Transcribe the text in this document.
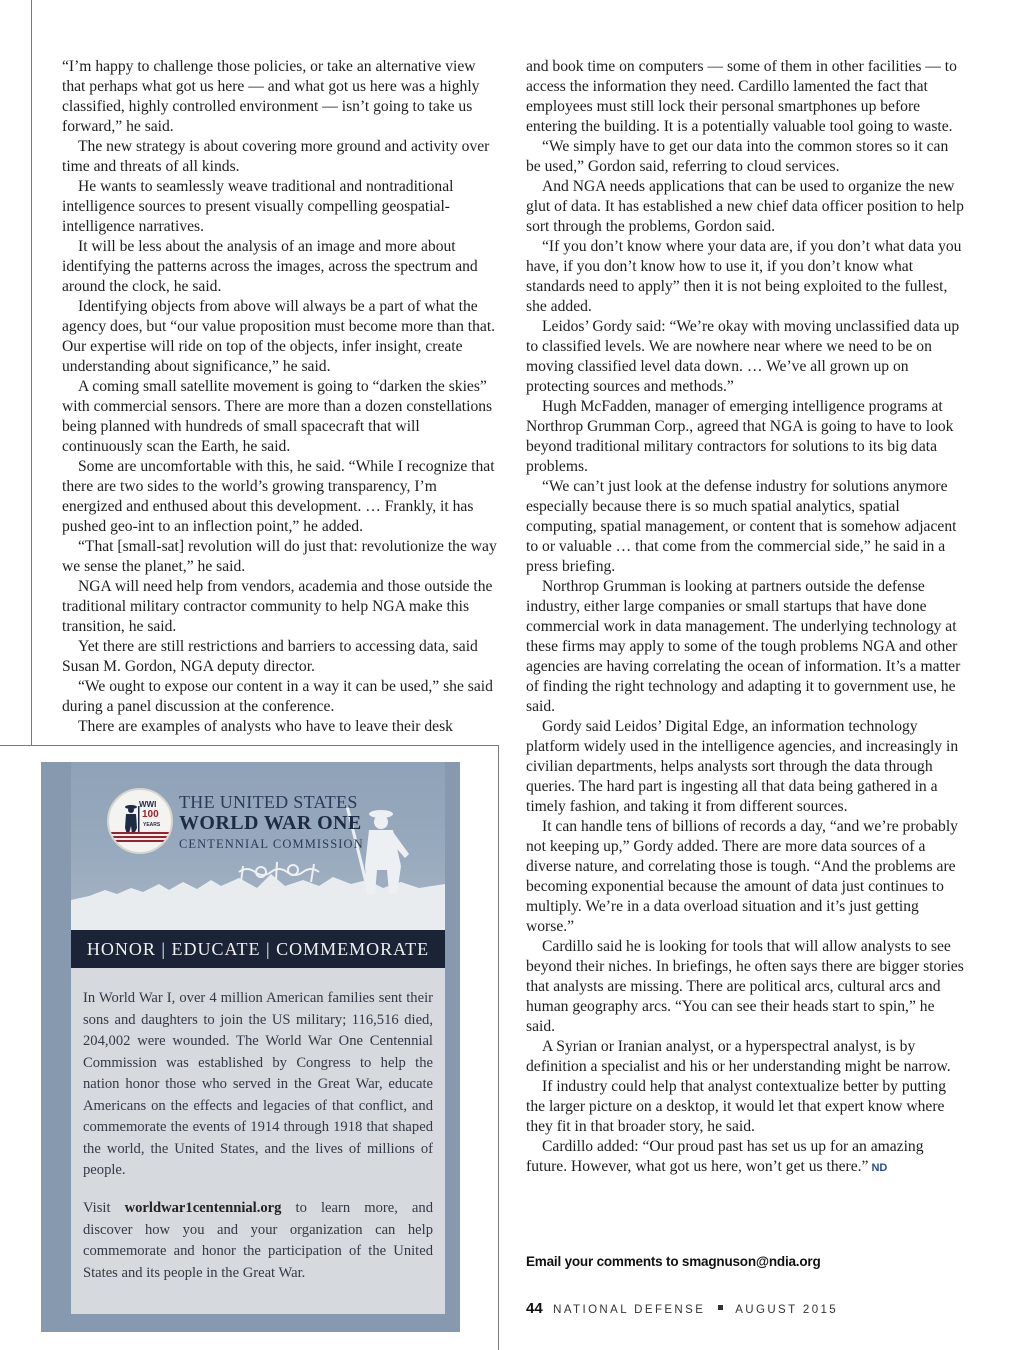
“I’m happy to challenge those policies, or take an alternative view that perhaps what got us here — and what got us here was a highly classified, highly controlled environment — isn’t going to take us forward,” he said.

The new strategy is about covering more ground and activity over time and threats of all kinds.

He wants to seamlessly weave traditional and nontraditional intelligence sources to present visually compelling geospatial-intelligence narratives.

It will be less about the analysis of an image and more about identifying the patterns across the images, across the spectrum and around the clock, he said.

Identifying objects from above will always be a part of what the agency does, but “our value proposition must become more than that. Our expertise will ride on top of the objects, infer insight, create understanding about significance,” he said.

A coming small satellite movement is going to “darken the skies” with commercial sensors. There are more than a dozen constellations being planned with hundreds of small spacecraft that will continuously scan the Earth, he said.

Some are uncomfortable with this, he said. “While I recognize that there are two sides to the world’s growing transparency, I’m energized and enthused about this development. … Frankly, it has pushed geo-int to an inflection point,” he added.

“That [small-sat] revolution will do just that: revolutionize the way we sense the planet,” he said.

NGA will need help from vendors, academia and those outside the traditional military contractor community to help NGA make this transition, he said.

Yet there are still restrictions and barriers to accessing data, said Susan M. Gordon, NGA deputy director.

“We ought to expose our content in a way it can be used,” she said during a panel discussion at the conference.

There are examples of analysts who have to leave their desk

and book time on computers — some of them in other facilities — to access the information they need. Cardillo lamented the fact that employees must still lock their personal smartphones up before entering the building. It is a potentially valuable tool going to waste.

“We simply have to get our data into the common stores so it can be used,” Gordon said, referring to cloud services.

And NGA needs applications that can be used to organize the new glut of data. It has established a new chief data officer position to help sort through the problems, Gordon said.

“If you don’t know where your data are, if you don’t what data you have, if you don’t know how to use it, if you don’t know what standards need to apply” then it is not being exploited to the fullest, she added.

Leidos’ Gordy said: “We’re okay with moving unclassified data up to classified levels. We are nowhere near where we need to be on moving classified level data down. … We’ve all grown up on protecting sources and methods.”

Hugh McFadden, manager of emerging intelligence programs at Northrop Grumman Corp., agreed that NGA is going to have to look beyond traditional military contractors for solutions to its big data problems.

“We can’t just look at the defense industry for solutions anymore especially because there is so much spatial analytics, spatial computing, spatial management, or content that is somehow adjacent to or valuable … that come from the commercial side,” he said in a press briefing.

Northrop Grumman is looking at partners outside the defense industry, either large companies or small startups that have done commercial work in data management. The underlying technology at these firms may apply to some of the tough problems NGA and other agencies are having correlating the ocean of information. It’s a matter of finding the right technology and adapting it to government use, he said.

Gordy said Leidos’ Digital Edge, an information technology platform widely used in the intelligence agencies, and increasingly in civilian departments, helps analysts sort through the data through queries. The hard part is ingesting all that data being gathered in a timely fashion, and taking it from different sources.

It can handle tens of billions of records a day, “and we’re probably not keeping up,” Gordy added. There are more data sources of a diverse nature, and correlating those is tough. “And the problems are becoming exponential because the amount of data just continues to multiply. We’re in a data overload situation and it’s just getting worse.”

Cardillo said he is looking for tools that will allow analysts to see beyond their niches. In briefings, he often says there are bigger stories that analysts are missing. There are political arcs, cultural arcs and human geography arcs. “You can see their heads start to spin,” he said.

A Syrian or Iranian analyst, or a hyperspectral analyst, is by definition a specialist and his or her understanding might be narrow.

If industry could help that analyst contextualize better by putting the larger picture on a desktop, it would let that expert know where they fit in that broader story, he said.

Cardillo added: “Our proud past has set us up for an amazing future. However, what got us here, won’t get us there.” ND

Email your comments to smagnuson@ndia.org
44 NATIONAL DEFENSE	AUGUST 2015
WWI
100
YEARS
THE UNITED STATES
WORLD WAR ONE
CENTENNIAL COMMISSION
HONOR | EDUCATE | COMMEMORATE
In World War I, over 4 million American families sent their sons and daughters to join the US military; 116,516 died, 204,002 were wounded. The World War One Centennial Commission was established by Congress to help the nation honor those who served in the Great War, educate Americans on the effects and legacies of that conflict, and commemorate the events of 1914 through 1918 that shaped the world, the United States, and the lives of millions of people.
Visit worldwar1centennial.org to learn more, and discover how you and your organization can help commemorate and honor the participation of the United States and its people in the Great War.
